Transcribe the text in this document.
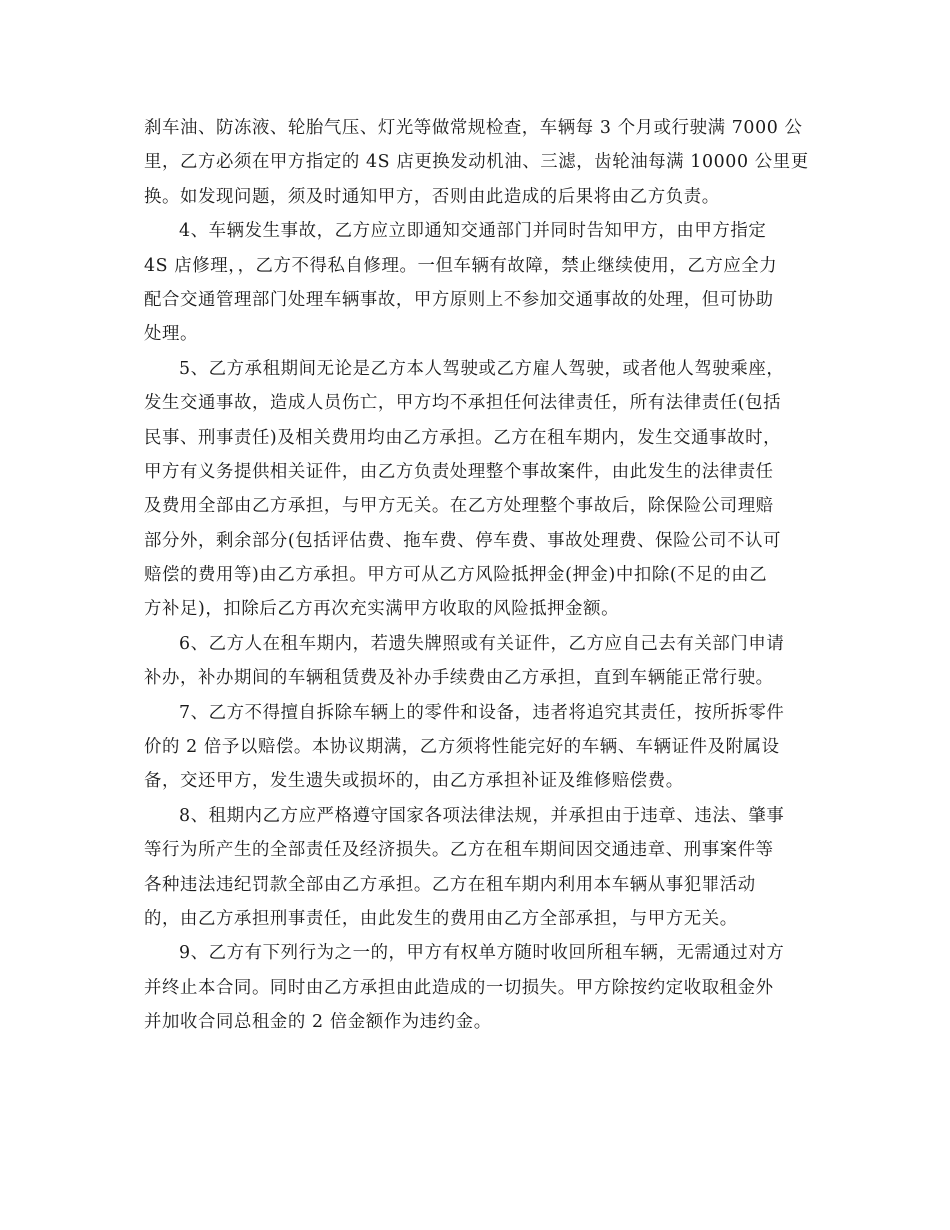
刹车油、防冻液、轮胎气压、灯光等做常规检查，车辆每 3 个月或行驶满 7000 公
里，乙方必须在甲方指定的 4S 店更换发动机油、三滤，齿轮油每满 10000 公里更
换。如发现问题，须及时通知甲方，否则由此造成的后果将由乙方负责。
4、车辆发生事故，乙方应立即通知交通部门并同时告知甲方，由甲方指定
4S 店修理，，乙方不得私自修理。一但车辆有故障，禁止继续使用，乙方应全力
配合交通管理部门处理车辆事故，甲方原则上不参加交通事故的处理，但可协助
处理。
5、乙方承租期间无论是乙方本人驾驶或乙方雇人驾驶，或者他人驾驶乘座，
发生交通事故，造成人员伤亡，甲方均不承担任何法律责任，所有法律责任(包括
民事、刑事责任)及相关费用均由乙方承担。乙方在租车期内，发生交通事故时，
甲方有义务提供相关证件，由乙方负责处理整个事故案件，由此发生的法律责任
及费用全部由乙方承担，与甲方无关。在乙方处理整个事故后，除保险公司理赔
部分外，剩余部分(包括评估费、拖车费、停车费、事故处理费、保险公司不认可
赔偿的费用等)由乙方承担。甲方可从乙方风险抵押金(押金)中扣除(不足的由乙
方补足)，扣除后乙方再次充实满甲方收取的风险抵押金额。
6、乙方人在租车期内，若遗失牌照或有关证件，乙方应自己去有关部门申请
补办，补办期间的车辆租赁费及补办手续费由乙方承担，直到车辆能正常行驶。
7、乙方不得擅自拆除车辆上的零件和设备，违者将追究其责任，按所拆零件
价的 2 倍予以赔偿。本协议期满，乙方须将性能完好的车辆、车辆证件及附属设
备，交还甲方，发生遗失或损坏的，由乙方承担补证及维修赔偿费。
8、租期内乙方应严格遵守国家各项法律法规，并承担由于违章、违法、肇事
等行为所产生的全部责任及经济损失。乙方在租车期间因交通违章、刑事案件等
各种违法违纪罚款全部由乙方承担。乙方在租车期内利用本车辆从事犯罪活动
的，由乙方承担刑事责任，由此发生的费用由乙方全部承担，与甲方无关。
9、乙方有下列行为之一的，甲方有权单方随时收回所租车辆，无需通过对方
并终止本合同。同时由乙方承担由此造成的一切损失。甲方除按约定收取租金外
并加收合同总租金的 2 倍金额作为违约金。
